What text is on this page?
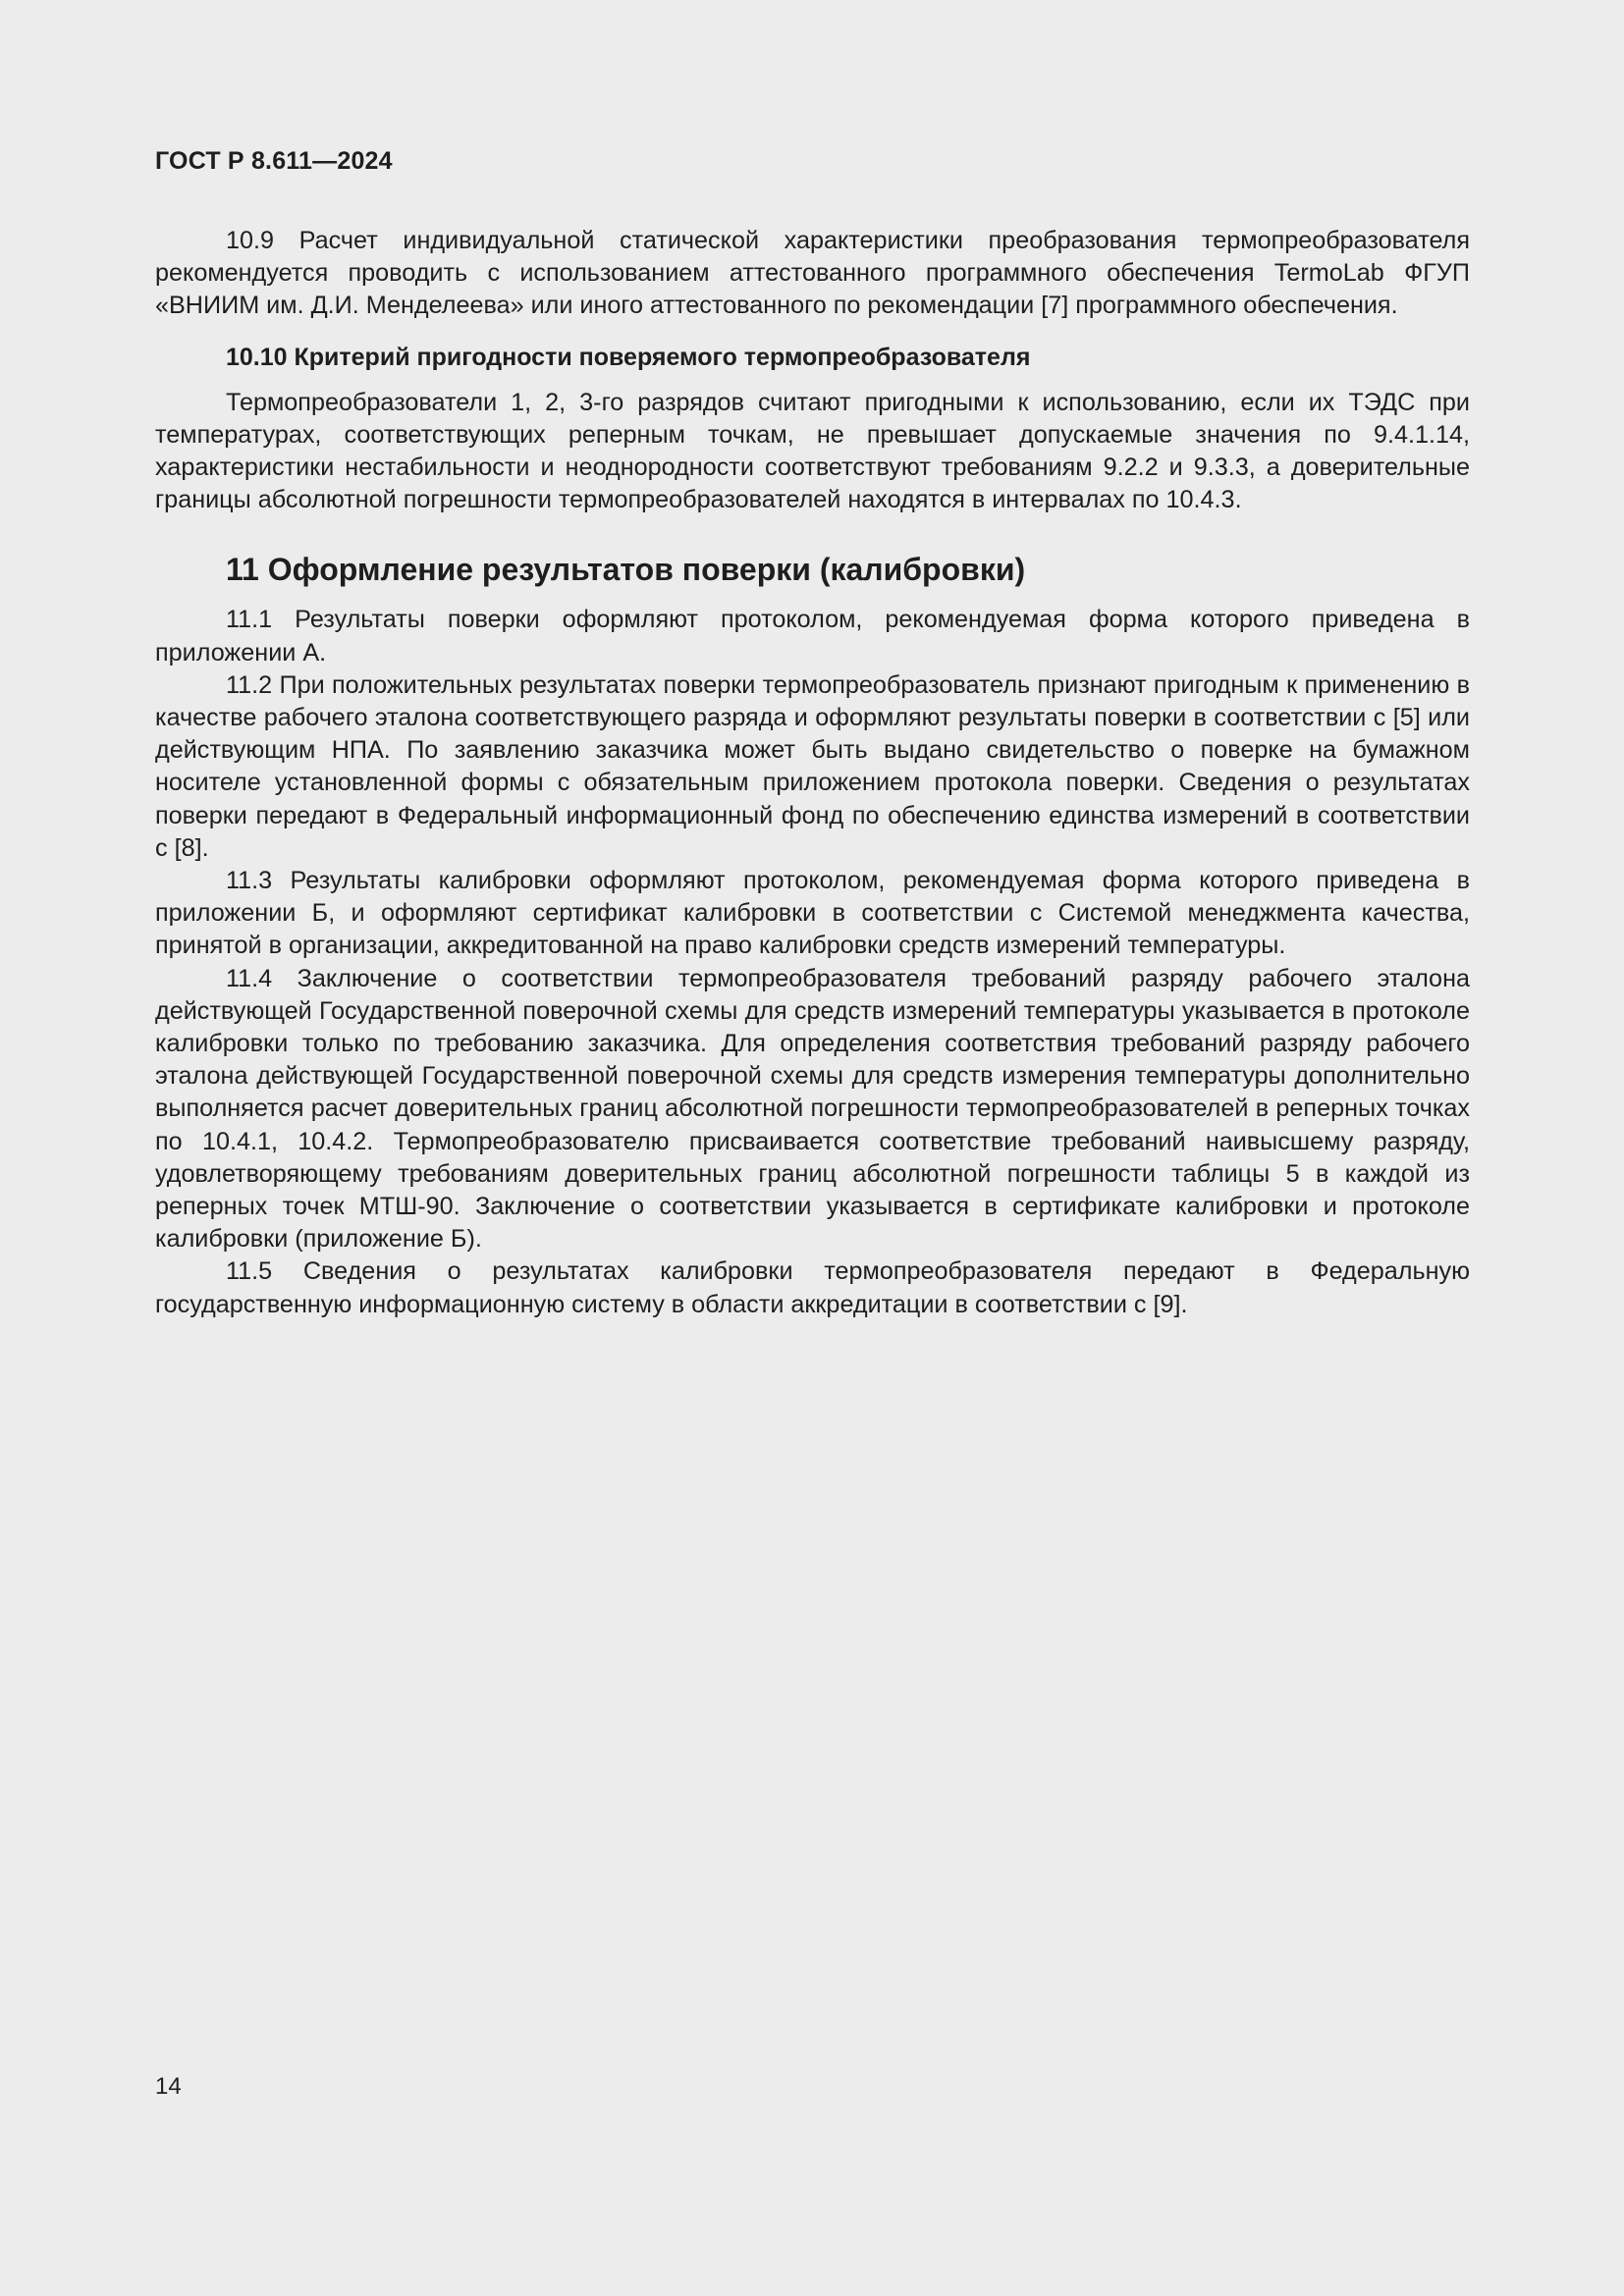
ГОСТ Р 8.611—2024

10.9 Расчет индивидуальной статической характеристики преобразования термопреобразователя рекомендуется проводить с использованием аттестованного программного обеспечения TermoLab ФГУП «ВНИИМ им. Д.И. Менделеева» или иного аттестованного по рекомендации [7] программного обеспечения.

10.10 Критерий пригодности поверяемого термопреобразователя

Термопреобразователи 1, 2, 3-го разрядов считают пригодными к использованию, если их ТЭДС при температурах, соответствующих реперным точкам, не превышает допускаемые значения по 9.4.1.14, характеристики нестабильности и неоднородности соответствуют требованиям 9.2.2 и 9.3.3, а доверительные границы абсолютной погрешности термопреобразователей находятся в интервалах по 10.4.3.

11 Оформление результатов поверки (калибровки)

11.1 Результаты поверки оформляют протоколом, рекомендуемая форма которого приведена в приложении А.

11.2 При положительных результатах поверки термопреобразователь признают пригодным к применению в качестве рабочего эталона соответствующего разряда и оформляют результаты поверки в соответствии с [5] или действующим НПА. По заявлению заказчика может быть выдано свидетельство о поверке на бумажном носителе установленной формы с обязательным приложением протокола поверки. Сведения о результатах поверки передают в Федеральный информационный фонд по обеспечению единства измерений в соответствии с [8].

11.3 Результаты калибровки оформляют протоколом, рекомендуемая форма которого приведена в приложении Б, и оформляют сертификат калибровки в соответствии с Системой менеджмента качества, принятой в организации, аккредитованной на право калибровки средств измерений температуры.

11.4 Заключение о соответствии термопреобразователя требований разряду рабочего эталона действующей Государственной поверочной схемы для средств измерений температуры указывается в протоколе калибровки только по требованию заказчика. Для определения соответствия требований разряду рабочего эталона действующей Государственной поверочной схемы для средств измерения температуры дополнительно выполняется расчет доверительных границ абсолютной погрешности термопреобразователей в реперных точках по 10.4.1, 10.4.2. Термопреобразователю присваивается соответствие требований наивысшему разряду, удовлетворяющему требованиям доверительных границ абсолютной погрешности таблицы 5 в каждой из реперных точек МТШ-90. Заключение о соответствии указывается в сертификате калибровки и протоколе калибровки (приложение Б).

11.5 Сведения о результатах калибровки термопреобразователя передают в Федеральную государственную информационную систему в области аккредитации в соответствии с [9].

14
